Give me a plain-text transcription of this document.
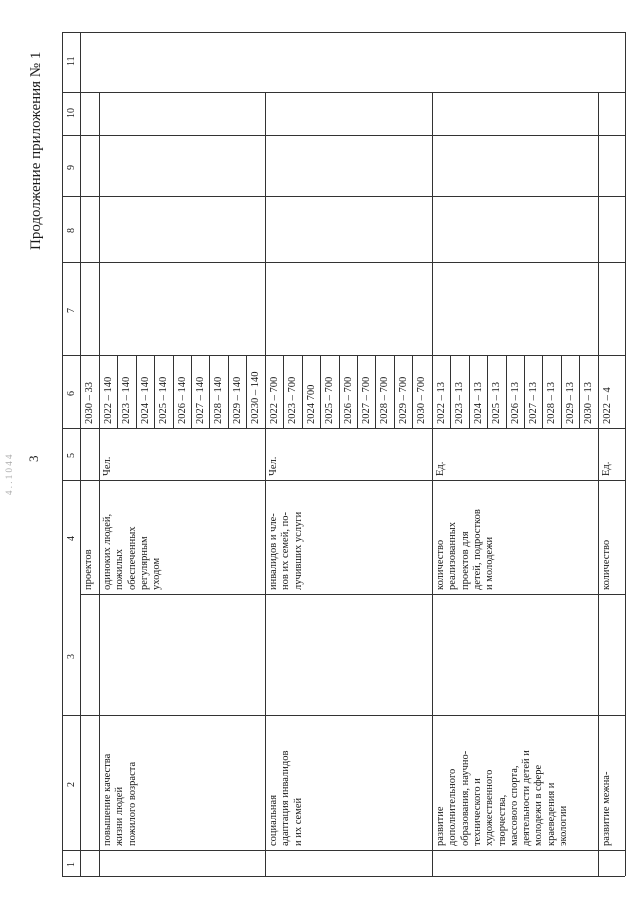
3
Продолжение приложения № 1
4 . . 1 0 4 4
1
2
3
4
5
6
7
8
9
10
11
проектов
2030 – 33
повышение качества жизни людей пожилого возраста
одиноких людей, пожилых обеспеченных регулярным уходом
Чел.
2022 – 140 2023 – 140 2024 – 140 2025 – 140 2026 – 140 2027 – 140 2028 – 140 2029 – 140 20230 – 140
социальная адаптация инвалидов и их семей
инвалидов и чле- нов их семей, по- лучивших услуги
Чел.
2022 – 700 2023 – 700 2024 700 2025 – 700 2026 – 700 2027 – 700 2028 – 700 2029 – 700 2030 – 700
развитие дополнительного образования, научно- технического и художественного творчества, массового спорта, деятельности детей и молодежи в сфере краеведения и экологии
количество реализованных проектов для детей, подростков и молодежи
Ед.
2022 – 13 2023 – 13 2024 – 13 2025 – 13 2026 – 13 2027 – 13 2028 – 13 2029 – 13 2030 – 13
развитие межна-
количество
Ед.
2022 – 4
